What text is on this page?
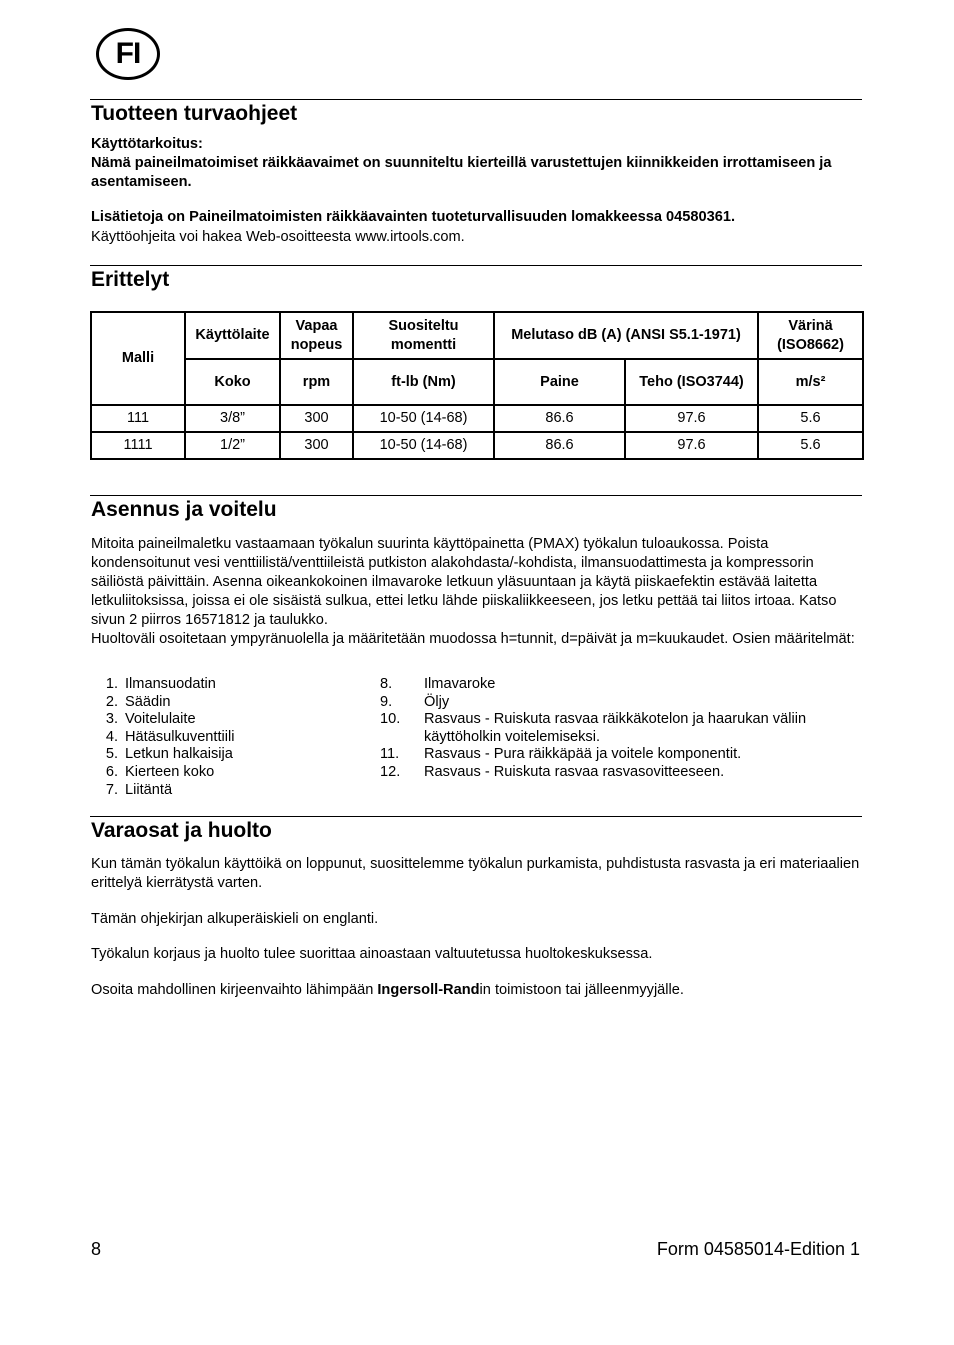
FI
Tuotteen turvaohjeet

Käyttötarkoitus:

Nämä paineilmatoimiset räikkäavaimet on suunniteltu kierteillä varustettujen kiinnikkeiden irrottamiseen ja asentamiseen.

Lisätietoja on Paineilmatoimisten räikkäavainten tuoteturvallisuuden lomakkeessa 04580361.

Käyttöohjeita voi hakea Web-osoitteesta www.irtools.com.

Erittelyt
Malli	Käyttölaite	Vapaa nopeus	Suositeltu momentti	Melutaso dB (A) (ANSI S5.1-1971)		Värinä (ISO8662)
	Koko	rpm	ft-lb (Nm)	Paine	Teho (ISO3744)	m/s²
111	3/8”	300	10-50 (14-68)	86.6	97.6	5.6
1111	1/2”	300	10-50 (14-68)	86.6	97.6	5.6
Asennus ja voitelu

Mitoita paineilmaletku vastaamaan työkalun suurinta käyttöpainetta (PMAX) työkalun tuloaukossa. Poista kondensoitunut vesi venttiilistä/venttiileistä putkiston alakohdasta/-kohdista, ilmansuodattimesta ja kompressorin säiliöstä päivittäin. Asenna oikeankokoinen ilmavaroke letkuun yläsuuntaan ja käytä piiskaefektin estävää laitetta letkuliitoksissa, joissa ei ole sisäistä sulkua, ettei letku lähde piiskaliikkeeseen, jos letku pettää tai liitos irtoaa. Katso sivun 2 piirros 16571812 ja taulukko.

Huoltoväli osoitetaan ympyränuolella ja määritetään muodossa h=tunnit, d=päivät ja m=kuukaudet. Osien määritelmät:

1. Ilmansuodatin
2. Säädin
3. Voitelulaite
4. Hätäsulkuventtiili
5. Letkun halkaisija
6. Kierteen koko
7. Liitäntä
8.	Ilmavaroke
9.	Öljy
10.	Rasvaus - Ruiskuta rasvaa räikkäkotelon ja haarukan väliin käyttöholkin voitelemiseksi.
11.	Rasvaus - Pura räikkäpää ja voitele komponentit.
12.	Rasvaus - Ruiskuta rasvaa rasvasovitteeseen.
Varaosat ja huolto

Kun tämän työkalun käyttöikä on loppunut, suosittelemme työkalun purkamista, puhdistusta rasvasta ja eri materiaalien erittelyä kierrätystä varten.

Tämän ohjekirjan alkuperäiskieli on englanti.

Työkalun korjaus ja huolto tulee suorittaa ainoastaan valtuutetussa huoltokeskuksessa.

Osoita mahdollinen kirjeenvaihto lähimpään Ingersoll-Randin toimistoon tai jälleenmyyjälle.

8	Form 04585014-Edition 1
